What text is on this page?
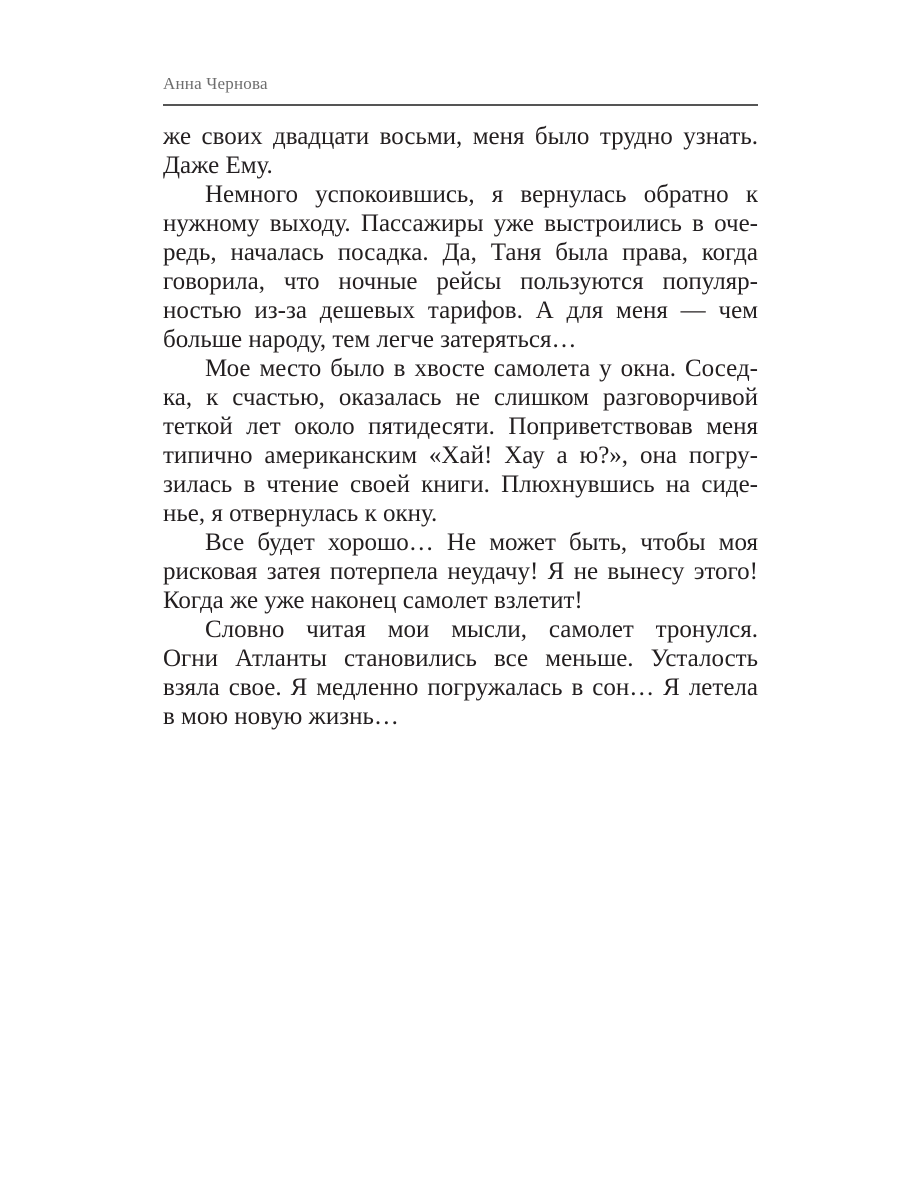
Анна Чернова
же своих двадцати восьми, меня было трудно узнать.
Даже Ему.
Немного успокоившись, я вернулась обратно к
нужному выходу. Пассажиры уже выстроились в оче-
редь, началась посадка. Да, Таня была права, когда
говорила, что ночные рейсы пользуются популяр-
ностью из-за дешевых тарифов. А для меня — чем
больше народу, тем легче затеряться…
Мое место было в хвосте самолета у окна. Сосед-
ка, к счастью, оказалась не слишком разговорчивой
теткой лет около пятидесяти. Поприветствовав меня
типично американским «Хай! Хау а ю?», она погру-
зилась в чтение своей книги. Плюхнувшись на сиде-
нье, я отвернулась к окну.
Все будет хорошо… Не может быть, чтобы моя
рисковая затея потерпела неудачу! Я не вынесу этого!
Когда же уже наконец самолет взлетит!
Словно читая мои мысли, самолет тронулся.
Огни Атланты становились все меньше. Усталость
взяла свое. Я медленно погружалась в сон… Я летела
в мою новую жизнь…
